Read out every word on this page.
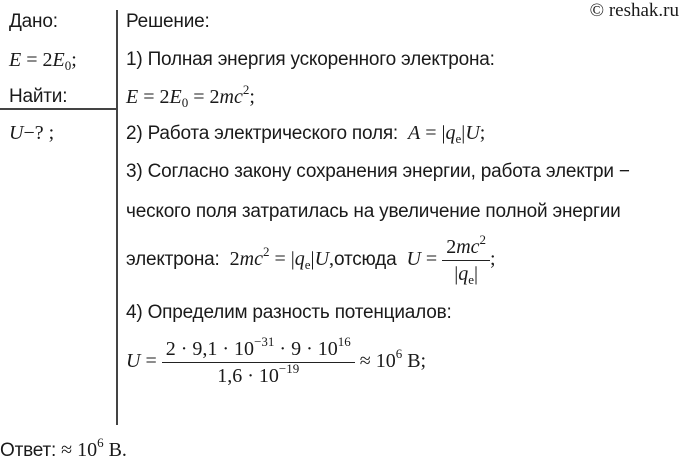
© reshak.ru
Дано:
$E = 2E_0$;
Найти:
U−? ;
Решение:
1) Полная энергия ускоренного электрона:
$E = 2E_0 = 2mc^2$;
2) Работа электрического поля: $A = |q_e|U$;
3) Согласно закону сохранения энергии, работа электри −
ческого поля затратилась на увеличение полной энергии
электрона: $2mc^2$ = $|q_e|U,отсюда$ $U = \frac{2mc^2}{|q_e|}$ ;
4) Определим разность потенциалов:
$U = \frac{2 \cdot 9,1 \cdot 10^{-31} \cdot 9 \cdot 10^{16}}{1,6 \cdot 10^{-19}} \approx 10^6$ В;
Ответ: ≈ $10^6$ В.
